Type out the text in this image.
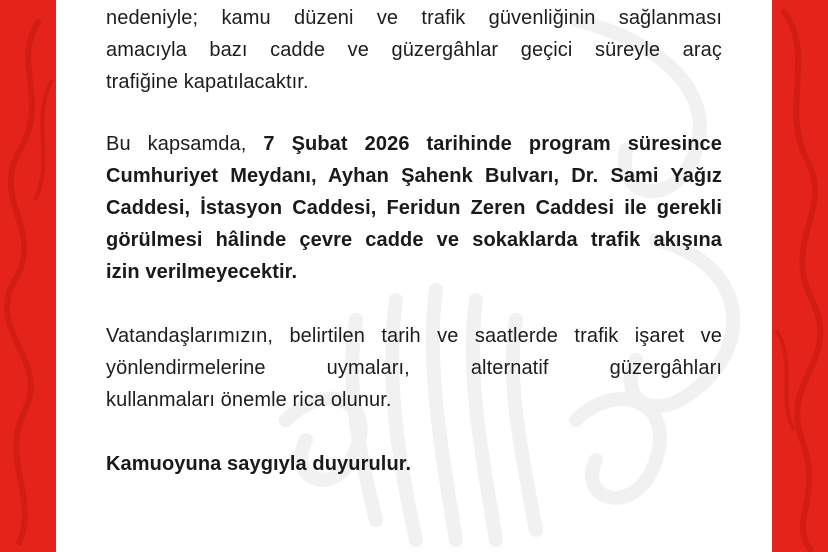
nedeniyle; kamu düzeni ve trafik güvenliğinin sağlanması
amacıyla bazı cadde ve güzergâhlar geçici süreyle araç
trafiğine kapatılacaktır.
Bu kapsamda, 7 Şubat 2026 tarihinde program süresince
Cumhuriyet Meydanı, Ayhan Şahenk Bulvarı, Dr. Sami Yağız
Caddesi, İstasyon Caddesi, Feridun Zeren Caddesi ile gerekli
görülmesi hâlinde çevre cadde ve sokaklarda trafik akışına
izin verilmeyecektir.
Vatandaşlarımızın, belirtilen tarih ve saatlerde trafik işaret ve
yönlendirmelerine uymaları, alternatif güzergâhları
kullanmaları önemle rica olunur.
Kamuoyuna saygıyla duyurulur.
